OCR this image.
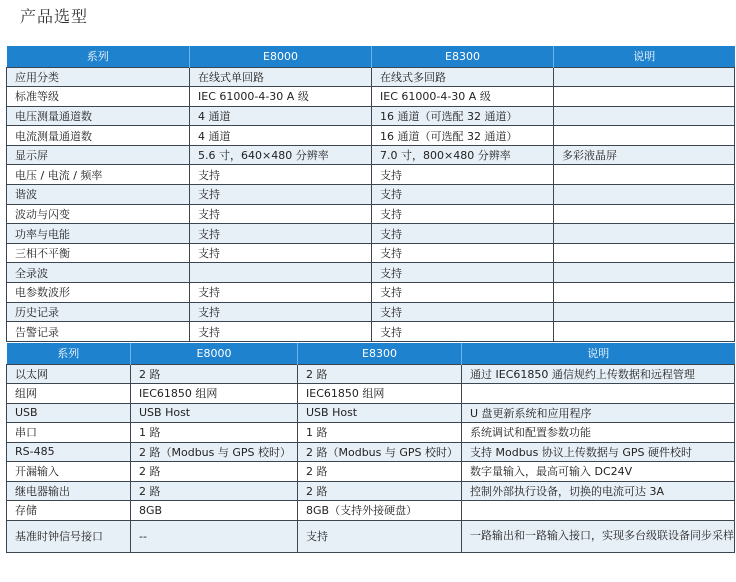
产品选型
系列	E8000	E8300	说明
应用分类	在线式单回路	在线式多回路	
标准等级	IEC 61000-4-30 A 级	IEC 61000-4-30 A 级	
电压测量通道数	4 通道	16 通道（可选配 32 通道）	
电流测量通道数	4 通道	16 通道（可选配 32 通道）	
显示屏	5.6 寸，640×480 分辨率	7.0 寸，800×480 分辨率	多彩液晶屏
电压 / 电流 / 频率	支持	支持	
谐波	支持	支持	
波动与闪变	支持	支持	
功率与电能	支持	支持	
三相不平衡	支持	支持	
全录波		支持	
电参数波形	支持	支持	
历史记录	支持	支持	
告警记录	支持	支持	
系列	E8000	E8300	说明
以太网	2 路	2 路	通过 IEC61850 通信规约上传数据和远程管理
组网	IEC61850 组网	IEC61850 组网	
USB	USB Host	USB Host	U 盘更新系统和应用程序
串口	1 路	1 路	系统调试和配置参数功能
RS-485	2 路（Modbus 与 GPS 校时）	2 路（Modbus 与 GPS 校时）	支持 Modbus 协议上传数据与 GPS 硬件校时
开漏输入	2 路	2 路	数字量输入，最高可输入 DC24V
继电器输出	2 路	2 路	控制外部执行设备，切换的电流可达 3A
存储	8GB	8GB（支持外接硬盘）	
基准时钟信号接口	--	支持	一路输出和一路输入接口，实现多台级联设备同步采样
